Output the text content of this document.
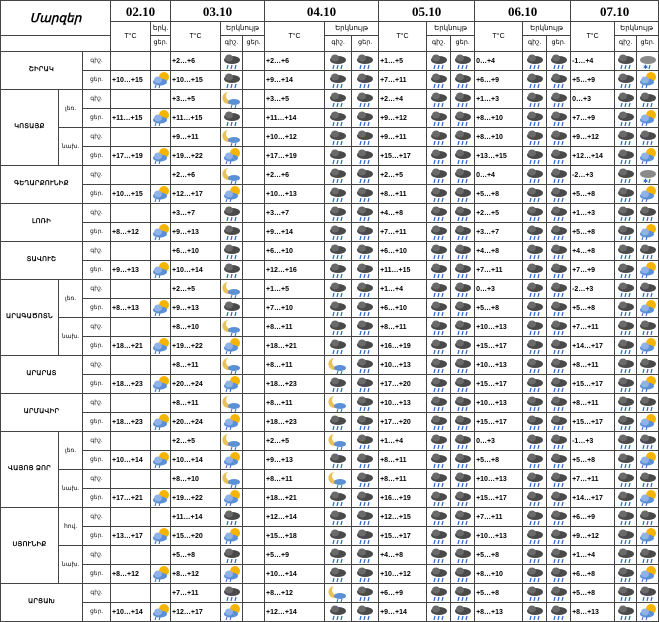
Մարզեր			02.10		03.10			04.10			05.10			06.10			07.10		
			T°C	երկ.	T°C	Երկնույթ		T°C	Երկնույթ		T°C	Երկնույթ		T°C	Երկնույթ		T°C	Երկնույթ	
				ցեր.		գիշ.	ցեր.		գիշ.	ցեր.		գիշ.	ցեր.		գիշ.	ցեր.		գիշ.	ցեր.
ՇԻՐԱԿ		գիշ.			+2…+6			+2…+6			+1…+5			0…+4			-1…+4		✱

		ցեր.	+10…+15		+10…+15			+9…+14			+7…+11			+6…+9			+5…+9	

ԿՈՏԱՅՔ	լեռ.	գիշ.			+3…+5			+3…+5			+2…+4			+1…+3			0…+3	

		ցեր.	+11…+15		+11…+15			+11…+14			+9…+12			+8…+10			+7…+9	

	նախ.	գիշ.			+9…+11			+10…+12			+9…+11			+8…+10			+9…+12	

		ցեր.	+17…+19		+19…+22			+17…+19			+15…+17			+13…+15			+12…+14	

ԳԵՂԱՐՔՈՒՆԻՔ		գիշ.			+2…+6			+2…+6			+2…+5			0…+4			-2…+3		✱

		ցեր.	+10…+15		+12…+17			+10…+13			+8…+11			+5…+8			+5…+8	

ԼՈՌԻ		գիշ.			+3…+7			+3…+7			+4…+8			+2…+5			+1…+3	

		ցեր.	+8…+12		+9…+13			+9…+14			+7…+11			+3…+7			+5…+8	

ՏԱՎՈՒՇ		գիշ.			+6…+10			+6…+10			+6…+10			+4…+8			+4…+8	

		ցեր.	+9…+13		+10…+14			+12…+16			+11…+15			+7…+11			+7…+9	

ԱՐԱԳԱԾՈՏՆ	լեռ.	գիշ.			+2…+5			+1…+5			+1…+4			0…+3			-2…+3	

		ցեր.	+8…+13		+9…+13			+7…+10			+6…+10			+5…+8			+5…+8	

	նախ.	գիշ.			+8…+10			+8…+11			+8…+11			+10…+13			+7…+11	

		ցեր.	+18…+21		+19…+22			+18…+21			+16…+19			+15…+17			+14…+17	

ԱՐԱՐԱՏ		գիշ.			+8…+11			+8…+11			+10…+13			+10…+13			+8…+11	

		ցեր.	+18…+23		+20…+24			+18…+23			+17…+20			+15…+17			+15…+17	

ԱՐՄԱՎԻՐ		գիշ.			+8…+11			+8…+11			+10…+13			+10…+13			+8…+11	

		ցեր.	+18…+23		+20…+24			+18…+23			+17…+20			+15…+17			+15…+17	

ՎԱՅՈՑ ՁՈՐ	լեռ.	գիշ.			+2…+5			+2…+5			+1…+4			0…+3			-1…+3	

		ցեր.	+10…+14		+10…+14			+9…+13			+8…+11			+5…+8			+5…+8	

	նախ.	գիշ.			+8…+10			+8…+11			+8…+11			+10…+13			+7…+11	

		ցեր.	+17…+21		+19…+22			+18…+21			+16…+19			+15…+17			+14…+17	

ՍՅՈՒՆԻՔ	հով.	գիշ.			+11…+14			+12…+14			+12…+15			+7…+11			+6…+9	

		ցեր.	+13…+17		+15…+20			+15…+18			+15…+17			+10…+13			+9…+12	

	նախ.	գիշ.			+5…+8			+5…+9			+4…+8			+5…+8			+1…+4	

		ցեր.	+8…+12		+8…+12			+10…+14			+10…+12			+8…+10			+6…+8	

ԱՐՑԱԽ		գիշ.			+7…+11			+8…+12			+6…+9			+5…+8			+5…+8	

		ցեր.	+10…+14		+12…+17			+12…+14			+9…+14			+8…+13			+8…+13	
